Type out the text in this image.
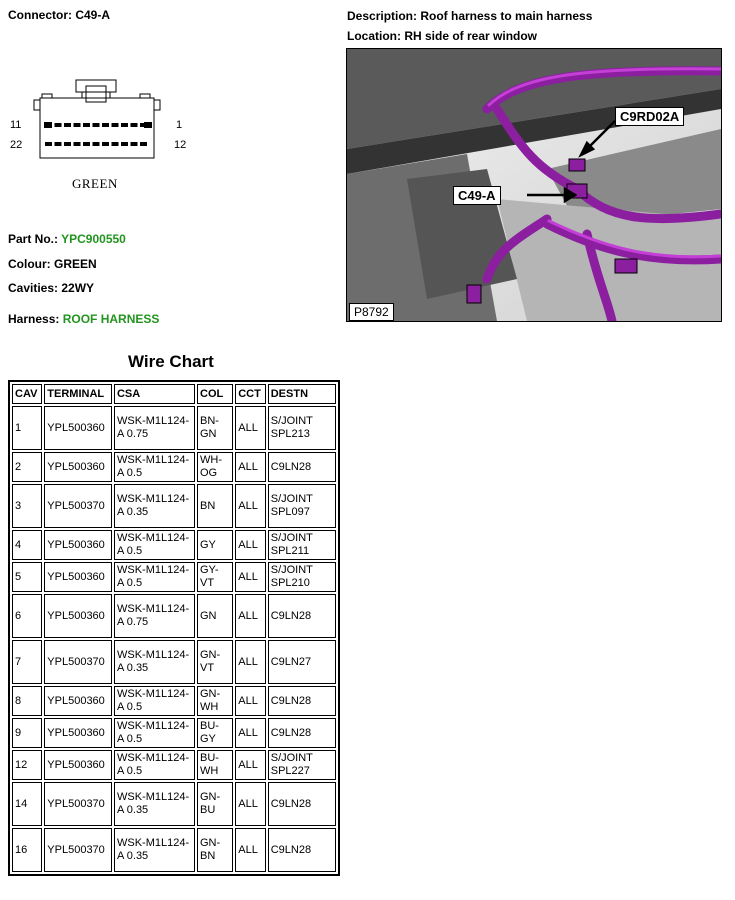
Connector: C49-A
11	1
22	12
GREEN
Part No.: YPC900550
Colour: GREEN
Cavities: 22WY
Harness: ROOF HARNESS
Description: Roof harness to main harness
Location: RH side of rear window
C9RD02A
C49-A
P8792
Wire Chart
CAV	TERMINAL	CSA	COL	CCT	DESTN
1	YPL500360	WSK-M1L124-A 0.75	BN-GN	ALL	S/JOINT SPL213
2	YPL500360	WSK-M1L124-A 0.5	WH-OG	ALL	C9LN28
3	YPL500370	WSK-M1L124-A 0.35	BN	ALL	S/JOINT SPL097
4	YPL500360	WSK-M1L124-A 0.5	GY	ALL	S/JOINT SPL211
5	YPL500360	WSK-M1L124-A 0.5	GY-VT	ALL	S/JOINT SPL210
6	YPL500360	WSK-M1L124-A 0.75	GN	ALL	C9LN28
7	YPL500370	WSK-M1L124-A 0.35	GN-VT	ALL	C9LN27
8	YPL500360	WSK-M1L124-A 0.5	GN-WH	ALL	C9LN28
9	YPL500360	WSK-M1L124-A 0.5	BU-GY	ALL	C9LN28
12	YPL500360	WSK-M1L124-A 0.5	BU-WH	ALL	S/JOINT SPL227
14	YPL500370	WSK-M1L124-A 0.35	GN-BU	ALL	C9LN28
16	YPL500370	WSK-M1L124-A 0.35	GN-BN	ALL	C9LN28
